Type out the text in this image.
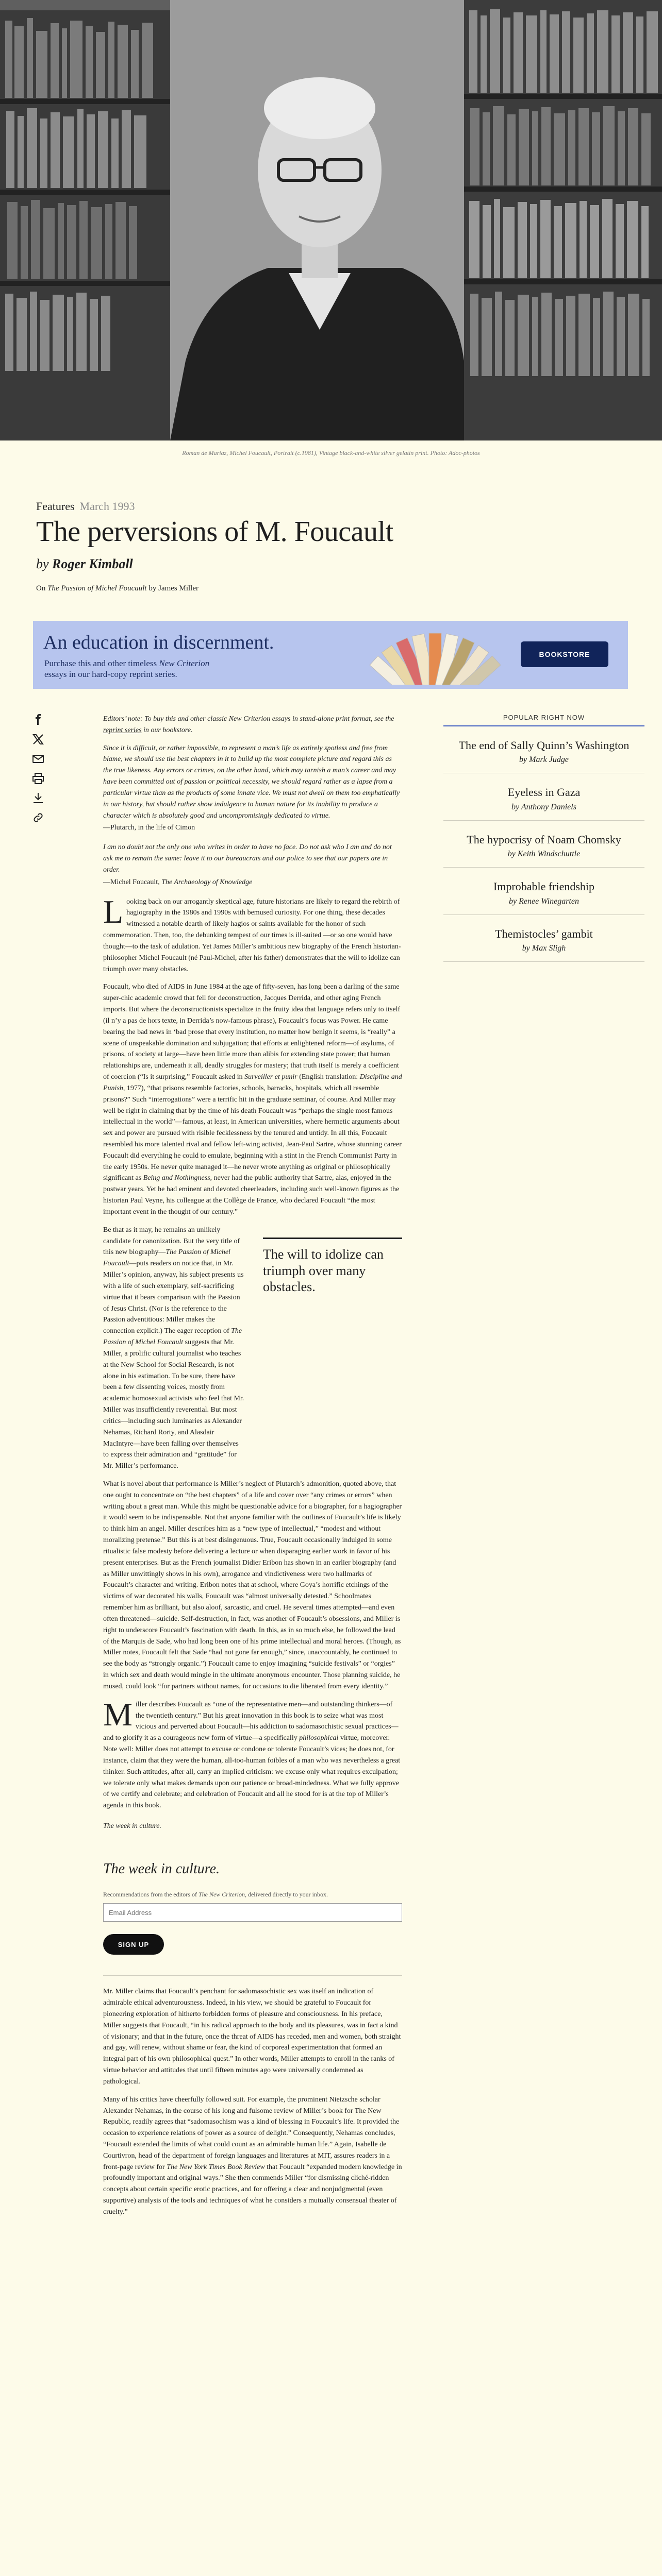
Roman de Mariaz, Michel Foucault, Portrait (c.1981), Vintage black-and-white silver gelatin print. Photo: Adoc-photos
Features March 1993
The perversions of M. Foucault
by Roger Kimball
On The Passion of Michel Foucault by James Miller
An education in discernment.
Purchase this and other timeless New Criterion
essays in our hard-copy reprint series.
BOOKSTORE

Editors’ note: To buy this and other classic New Criterion essays in stand-alone print format, see the reprint series in our bookstore.

Since it is difficult, or rather impossible, to represent a man’s life as entirely spotless and free from blame, we should use the best chapters in it to build up the most complete picture and regard this as the true likeness. Any errors or crimes, on the other hand, which may tarnish a man’s career and may have been committed out of passion or political necessity, we should regard rather as a lapse from a particular virtue than as the products of some innate vice. We must not dwell on them too emphatically in our history, but should rather show indulgence to human nature for its inability to produce a character which is absolutely good and uncompromisingly dedicated to virtue.

—Plutarch, in the life of Cimon

I am no doubt not the only one who writes in order to have no face. Do not ask who I am and do not ask me to remain the same: leave it to our bureaucrats and our police to see that our papers are in order.

—Michel Foucault, The Archaeology of Knowledge

Looking back on our arrogantly skeptical age, future historians are likely to regard the rebirth of hagiography in the 1980s and 1990s with bemused curiosity. For one thing, these decades witnessed a notable dearth of likely hagios or saints available for the honor of such commemoration. Then, too, the debunking tempest of our times is ill-suited —or so one would have thought—to the task of adulation. Yet James Miller’s ambitious new biography of the French historian-philosopher Michel Foucault (né Paul-Michel, after his father) demonstrates that the will to idolize can triumph over many obstacles.

Foucault, who died of AIDS in June 1984 at the age of fifty-seven, has long been a darling of the same super-chic academic crowd that fell for deconstruction, Jacques Derrida, and other aging French imports. But where the deconstructionists specialize in the fruity idea that language refers only to itself (il n’y a pas de hors texte, in Derrida’s now-famous phrase), Foucault’s focus was Power. He came bearing the bad news in ‘bad prose that every institution, no matter how benign it seems, is “really” a scene of unspeakable domination and subjugation; that efforts at enlightened reform—of asylums, of prisons, of society at large—have been little more than alibis for extending state power; that human relationships are, underneath it all, deadly struggles for mastery; that truth itself is merely a coefficient of coercion (“Is it surprising,” Foucault asked in Surveiller et punir (English translation: Discipline and Punish, 1977), “that prisons resemble factories, schools, barracks, hospitals, which all resemble prisons?” Such “interrogations” were a terrific hit in the graduate seminar, of course. And Miller may well be right in claiming that by the time of his death Foucault was “perhaps the single most famous intellectual in the world”—famous, at least, in American universities, where hermetic arguments about sex and power are pursued with risible fecklessness by the tenured and untidy. In all this, Foucault resembled his more talented rival and fellow left-wing activist, Jean-Paul Sartre, whose stunning career Foucault did everything he could to emulate, beginning with a stint in the French Communist Party in the early 1950s. He never quite managed it—he never wrote anything as original or philosophically significant as Being and Nothingness, never had the public authority that Sartre, alas, enjoyed in the postwar years. Yet he had eminent and devoted cheerleaders, including such well-known figures as the historian Paul Veyne, his colleague at the Collège de France, who declared Foucault “the most important event in the thought of our century.”

Be that as it may, he remains an unlikely candidate for canonization. But the very title of this new biography—The Passion of Michel Foucault—puts readers on notice that, in Mr. Miller’s opinion, anyway, his subject presents us with a life of such exemplary, self-sacrificing virtue that it bears comparison with the Passion of Jesus Christ. (Nor is the reference to the Passion adventitious: Miller makes the connection explicit.) The eager reception of The Passion of Michel Foucault suggests that Mr. Miller, a prolific cultural journalist who teaches at the New School for Social Research, is not alone in his estimation. To be sure, there have been a few dissenting voices, mostly from academic homosexual activists who feel that Mr. Miller was insufficiently reverential. But most critics—including such luminaries as Alexander Nehamas, Richard Rorty, and Alasdair MacIntyre—have been falling over themselves to express their admiration and “gratitude” for Mr. Miller’s performance.

The will to idolize can triumph over many obstacles.

What is novel about that performance is Miller’s neglect of Plutarch’s admonition, quoted above, that one ought to concentrate on “the best chapters” of a life and cover over “any crimes or errors” when writing about a great man. While this might be questionable advice for a biographer, for a hagiographer it would seem to be indispensable. Not that anyone familiar with the outlines of Foucault’s life is likely to think him an angel. Miller describes him as a “new type of intellectual,” “modest and without moralizing pretense.” But this is at best disingenuous. True, Foucault occasionally indulged in some ritualistic false modesty before delivering a lecture or when disparaging earlier work in favor of his present enterprises. But as the French journalist Didier Eribon has shown in an earlier biography (and as Miller unwittingly shows in his own), arrogance and vindictiveness were two hallmarks of Foucault’s character and writing. Eribon notes that at school, where Goya’s horrific etchings of the victims of war decorated his walls, Foucault was “almost universally detested.” Schoolmates remember him as brilliant, but also aloof, sarcastic, and cruel. He several times attempted—and even often threatened—suicide. Self-destruction, in fact, was another of Foucault’s obsessions, and Miller is right to underscore Foucault’s fascination with death. In this, as in so much else, he followed the lead of the Marquis de Sade, who had long been one of his prime intellectual and moral heroes. (Though, as Miller notes, Foucault felt that Sade “had not gone far enough,” since, unaccountably, he continued to see the body as “strongly organic.”) Foucault came to enjoy imagining “suicide festivals” or “orgies” in which sex and death would mingle in the ultimate anonymous encounter. Those planning suicide, he mused, could look “for partners without names, for occasions to die liberated from every identity.”

Miller describes Foucault as “one of the representative men—and outstanding thinkers—of the twentieth century.” But his great innovation in this book is to seize what was most vicious and perverted about Foucault—his addiction to sadomasochistic sexual practices—and to glorify it as a courageous new form of virtue—a specifically philosophical virtue, moreover. Note well: Miller does not attempt to excuse or condone or tolerate Foucault’s vices; he does not, for instance, claim that they were the human, all-too-human foibles of a man who was nevertheless a great thinker. Such attitudes, after all, carry an implied criticism: we excuse only what requires exculpation; we tolerate only what makes demands upon our patience or broad-mindedness. What we fully approve of we certify and celebrate; and celebration of Foucault and all he stood for is at the top of Miller’s agenda in this book.

The week in culture.
The week in culture.
Recommendations from the editors of The New Criterion, delivered directly to your inbox.
Email Address
SIGN UP

Mr. Miller claims that Foucault’s penchant for sadomasochistic sex was itself an indication of admirable ethical adventurousness. Indeed, in his view, we should be grateful to Foucault for pioneering exploration of hitherto forbidden forms of pleasure and consciousness. In his preface, Miller suggests that Foucault, “in his radical approach to the body and its pleasures, was in fact a kind of visionary; and that in the future, once the threat of AIDS has receded, men and women, both straight and gay, will renew, without shame or fear, the kind of corporeal experimentation that formed an integral part of his own philosophical quest.” In other words, Miller attempts to enroll in the ranks of virtue behavior and attitudes that until fifteen minutes ago were universally condemned as pathological.

Many of his critics have cheerfully followed suit. For example, the prominent Nietzsche scholar Alexander Nehamas, in the course of his long and fulsome review of Miller’s book for The New Republic, readily agrees that “sadomasochism was a kind of blessing in Foucault’s life. It provided the occasion to experience relations of power as a source of delight.” Consequently, Nehamas concludes, “Foucault extended the limits of what could count as an admirable human life.” Again, Isabelle de Courtivron, head of the department of foreign languages and literatures at MIT, assures readers in a front-page review for The New York Times Book Review that Foucault “expanded modern knowledge in profoundly important and original ways.” She then commends Miller “for dismissing cliché-ridden concepts about certain specific erotic practices, and for offering a clear and nonjudgmental (even supportive) analysis of the tools and techniques of what he considers a mutually consensual theater of cruelty.”

POPULAR RIGHT NOW
The end of Sally Quinn’s Washington
by Mark Judge
Eyeless in Gaza
by Anthony Daniels
The hypocrisy of Noam Chomsky
by Keith Windschuttle
Improbable friendship
by Renee Winegarten
Themistocles’ gambit
by Max Sligh
